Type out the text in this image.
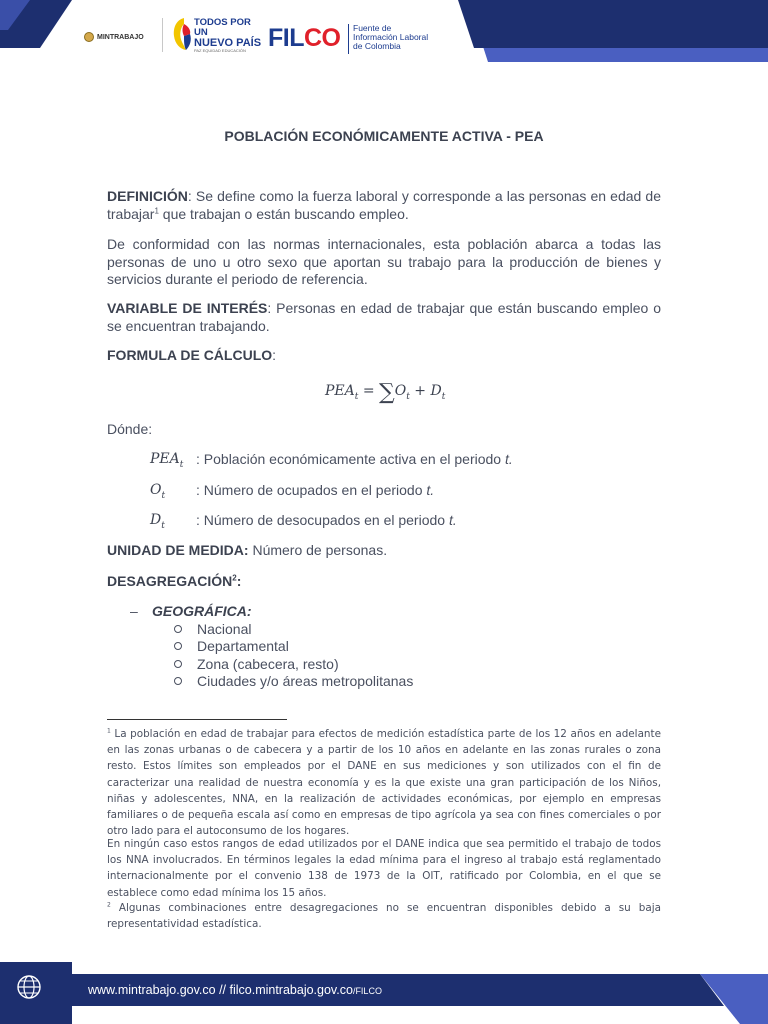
MINTRABAJO
TODOS POR UN
NUEVO PAÍS
PAZ EQUIDAD EDUCACIÓN FILCO Fuente de
Información Laboral
de Colombia
POBLACIÓN ECONÓMICAMENTE ACTIVA - PEA
DEFINICIÓN: Se define como la fuerza laboral y corresponde a las personas en edad de trabajar$^1$ que trabajan o están buscando empleo.
De conformidad con las normas internacionales, esta población abarca a todas las personas de uno u otro sexo que aportan su trabajo para la producción de bienes y servicios durante el periodo de referencia.
VARIABLE DE INTERÉS: Personas en edad de trabajar que están buscando empleo o se encuentran trabajando.
FORMULA DE CÁLCULO:
$PEA_t = \sum O_t + D_t$
Dónde:
$PEA_t$ : Población económicamente activa en el periodo t.
$O_t$ : Número de ocupados en el periodo t.
$D_t$ : Número de desocupados en el periodo t.
UNIDAD DE MEDIDA: Número de personas.
DESAGREGACIÓN$^2$:
– GEOGRÁFICA:
Nacional
Departamental
Zona (cabecera, resto)
Ciudades y/o áreas metropolitanas
$^1$ La población en edad de trabajar para efectos de medición estadística parte de los 12 años en adelante en las zonas urbanas o de cabecera y a partir de los 10 años en adelante en las zonas rurales o zona resto. Estos límites son empleados por el DANE en sus mediciones y son utilizados con el fin de caracterizar una realidad de nuestra economía y es la que existe una gran participación de los Niños, niñas y adolescentes, NNA, en la realización de actividades económicas, por ejemplo en empresas familiares o de pequeña escala así como en empresas de tipo agrícola ya sea con fines comerciales o por otro lado para el autoconsumo de los hogares.
En ningún caso estos rangos de edad utilizados por el DANE indica que sea permitido el trabajo de todos los NNA involucrados. En términos legales la edad mínima para el ingreso al trabajo está reglamentado internacionalmente por el convenio 138 de 1973 de la OIT, ratificado por Colombia, en el que se establece como edad mínima los 15 años.
$^2$ Algunas combinaciones entre desagregaciones no se encuentran disponibles debido a su baja representatividad estadística.
www.mintrabajo.gov.co // filco.mintrabajo.gov.co/FILCO
